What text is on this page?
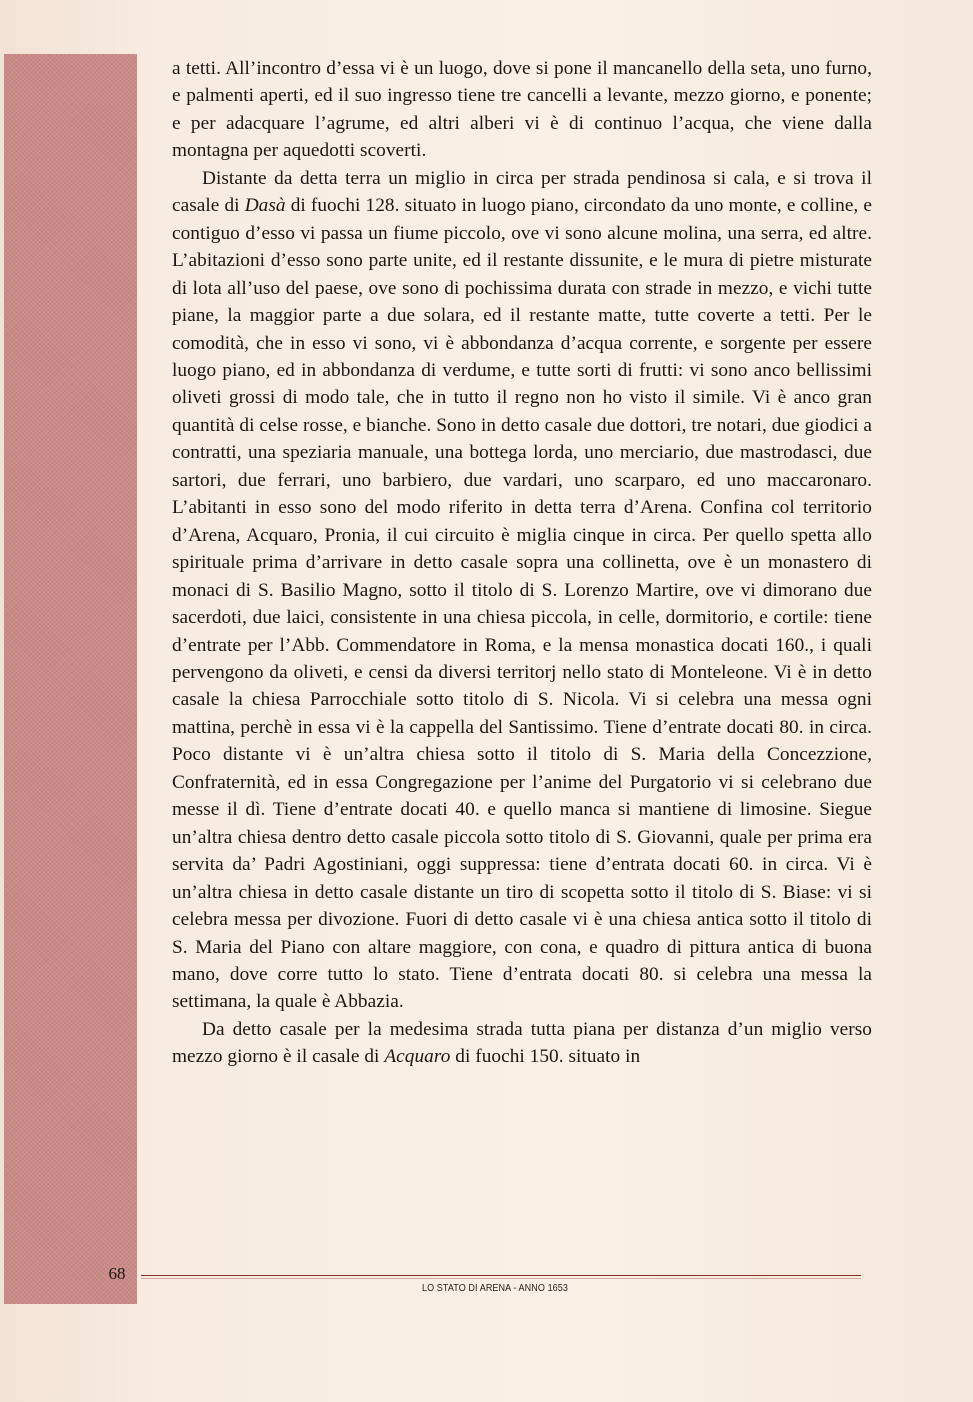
a tetti. All’incontro d’essa vi è un luogo, dove si pone il mancanello della seta, uno furno, e palmenti aperti, ed il suo ingresso tiene tre cancelli a levante, mezzo giorno, e ponente; e per adacquare l’agrume, ed altri alberi vi è di continuo l’acqua, che viene dalla montagna per aquedotti scoverti.

Distante da detta terra un miglio in circa per strada pendinosa si cala, e si trova il casale di Dasà di fuochi 128. situato in luogo piano, circondato da uno monte, e colline, e contiguo d’esso vi passa un fiume piccolo, ove vi sono alcune molina, una serra, ed altre. L’abitazioni d’esso sono parte unite, ed il restante dissunite, e le mura di pietre misturate di lota all’uso del paese, ove sono di pochissima durata con strade in mezzo, e vichi tutte piane, la maggior parte a due solara, ed il restante matte, tutte coverte a tetti. Per le comodità, che in esso vi sono, vi è abbondanza d’acqua corrente, e sorgente per essere luogo piano, ed in abbondanza di verdume, e tutte sorti di frutti: vi sono anco bellissimi oliveti grossi di modo tale, che in tutto il regno non ho visto il simile. Vi è anco gran quantità di celse rosse, e bianche. Sono in detto casale due dottori, tre notari, due giodici a contratti, una speziaria manuale, una bottega lorda, uno merciario, due mastrodasci, due sartori, due ferrari, uno barbiero, due vardari, uno scarparo, ed uno maccaronaro. L’abitanti in esso sono del modo riferito in detta terra d’Arena. Confina col territorio d’Arena, Acquaro, Pronia, il cui circuito è miglia cinque in circa. Per quello spetta allo spirituale prima d’arrivare in detto casale sopra una collinetta, ove è un monastero di monaci di S. Basilio Magno, sotto il titolo di S. Lorenzo Martire, ove vi dimorano due sacerdoti, due laici, consistente in una chiesa piccola, in celle, dormitorio, e cortile: tiene d’entrate per l’Abb. Commendatore in Roma, e la mensa monastica docati 160., i quali pervengono da oliveti, e censi da diversi territorj nello stato di Monteleone. Vi è in detto casale la chiesa Parrocchiale sotto titolo di S. Nicola. Vi si celebra una messa ogni mattina, perchè in essa vi è la cappella del Santissimo. Tiene d’entrate docati 80. in circa. Poco distante vi è un’altra chiesa sotto il titolo di S. Maria della Concezzione, Confraternità, ed in essa Congregazione per l’anime del Purgatorio vi si celebrano due messe il dì. Tiene d’entrate docati 40. e quello manca si mantiene di limosine. Siegue un’altra chiesa dentro detto casale piccola sotto titolo di S. Giovanni, quale per prima era servita da’ Padri Agostiniani, oggi suppressa: tiene d’entrata docati 60. in circa. Vi è un’altra chiesa in detto casale distante un tiro di scopetta sotto il titolo di S. Biase: vi si celebra messa per divozione. Fuori di detto casale vi è una chiesa antica sotto il titolo di S. Maria del Piano con altare maggiore, con cona, e quadro di pittura antica di buona mano, dove corre tutto lo stato. Tiene d’entrata docati 80. si celebra una messa la settimana, la quale è Abbazia.

Da detto casale per la medesima strada tutta piana per distanza d’un miglio verso mezzo giorno è il casale di Acquaro di fuochi 150. situato in

68
LO STATO DI ARENA - ANNO 1653
